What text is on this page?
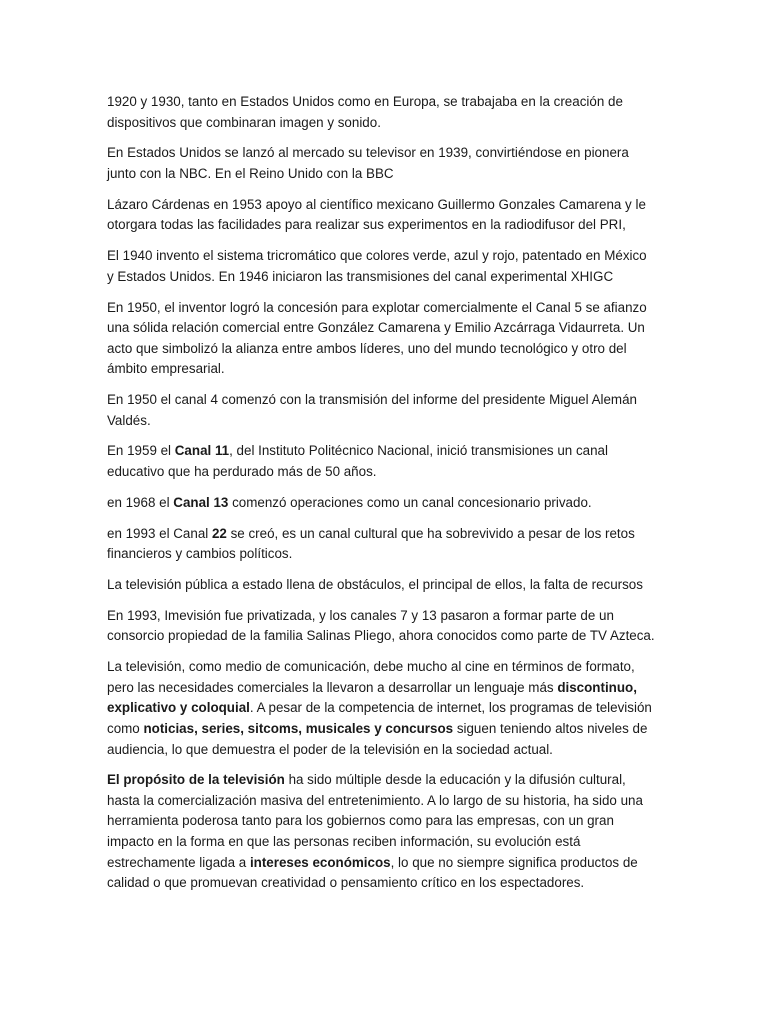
1920 y 1930, tanto en Estados Unidos como en Europa, se trabajaba en la creación de dispositivos que combinaran imagen y sonido.

En Estados Unidos se lanzó al mercado su televisor en 1939, convirtiéndose en pionera junto con la NBC. En el Reino Unido con la BBC

Lázaro Cárdenas en 1953 apoyo al científico mexicano Guillermo Gonzales Camarena y le otorgara todas las facilidades para realizar sus experimentos en la radiodifusor del PRI,

El 1940 invento el sistema tricromático que colores verde, azul y rojo, patentado en México y Estados Unidos. En 1946 iniciaron las transmisiones del canal experimental XHIGC

En 1950, el inventor logró la concesión para explotar comercialmente el Canal 5 se afianzo una sólida relación comercial entre González Camarena y Emilio Azcárraga Vidaurreta. Un acto que simbolizó la alianza entre ambos líderes, uno del mundo tecnológico y otro del ámbito empresarial.

En 1950 el canal 4 comenzó con la transmisión del informe del presidente Miguel Alemán Valdés.

En 1959 el Canal 11, del Instituto Politécnico Nacional, inició transmisiones un canal educativo que ha perdurado más de 50 años.

en 1968 el Canal 13 comenzó operaciones como un canal concesionario privado.

en 1993 el Canal 22 se creó, es un canal cultural que ha sobrevivido a pesar de los retos financieros y cambios políticos.

La televisión pública a estado llena de obstáculos, el principal de ellos, la falta de recursos

En 1993, Imevisión fue privatizada, y los canales 7 y 13 pasaron a formar parte de un consorcio propiedad de la familia Salinas Pliego, ahora conocidos como parte de TV Azteca.

La televisión, como medio de comunicación, debe mucho al cine en términos de formato, pero las necesidades comerciales la llevaron a desarrollar un lenguaje más discontinuo, explicativo y coloquial. A pesar de la competencia de internet, los programas de televisión como noticias, series, sitcoms, musicales y concursos siguen teniendo altos niveles de audiencia, lo que demuestra el poder de la televisión en la sociedad actual.

El propósito de la televisión ha sido múltiple desde la educación y la difusión cultural, hasta la comercialización masiva del entretenimiento. A lo largo de su historia, ha sido una herramienta poderosa tanto para los gobiernos como para las empresas, con un gran impacto en la forma en que las personas reciben información, su evolución está estrechamente ligada a intereses económicos, lo que no siempre significa productos de calidad o que promuevan creatividad o pensamiento crítico en los espectadores.
